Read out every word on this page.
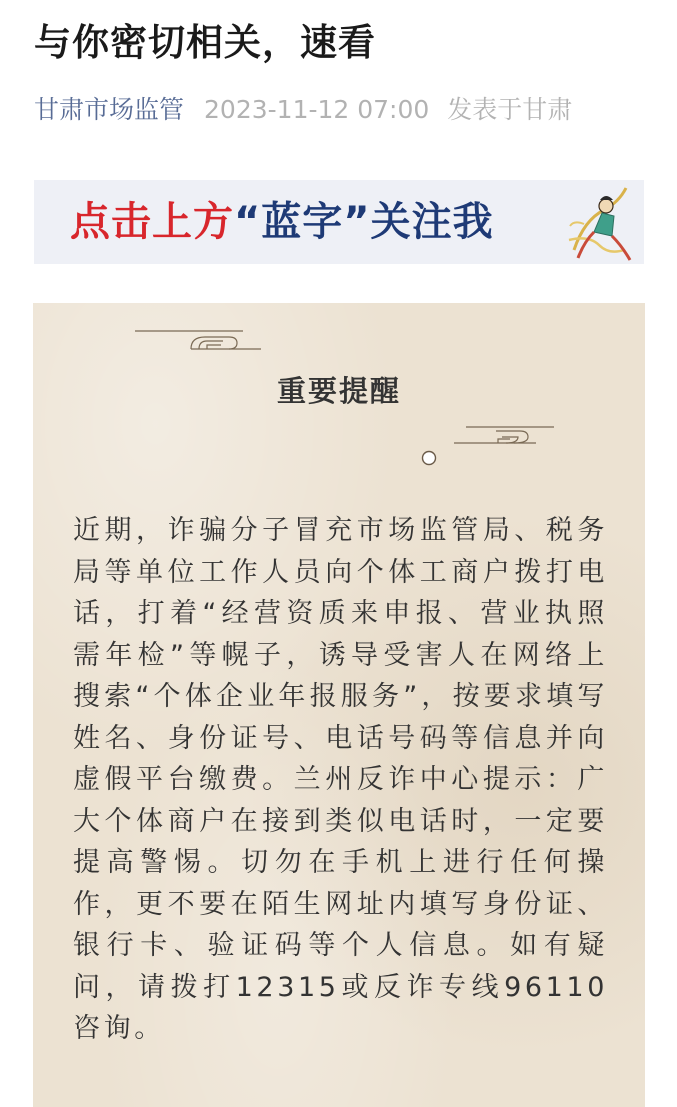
与你密切相关，速看
甘肃市场监管 2023-11-12 07:00 发表于甘肃
点击上方“蓝字”关注我
重要提醒
近期，诈骗分子冒充市场监管局、税务局等单位工作人员向个体工商户拨打电话，打着“经营资质来申报、营业执照需年检”等幌子，诱导受害人在网络上搜索“个体企业年报服务”，按要求填写姓名、身份证号、电话号码等信息并向虚假平台缴费。兰州反诈中心提示：广大个体商户在接到类似电话时，一定要提高警惕。切勿在手机上进行任何操作，更不要在陌生网址内填写身份证、银行卡、验证码等个人信息。如有疑问，请拨打12315或反诈专线96110咨询。
